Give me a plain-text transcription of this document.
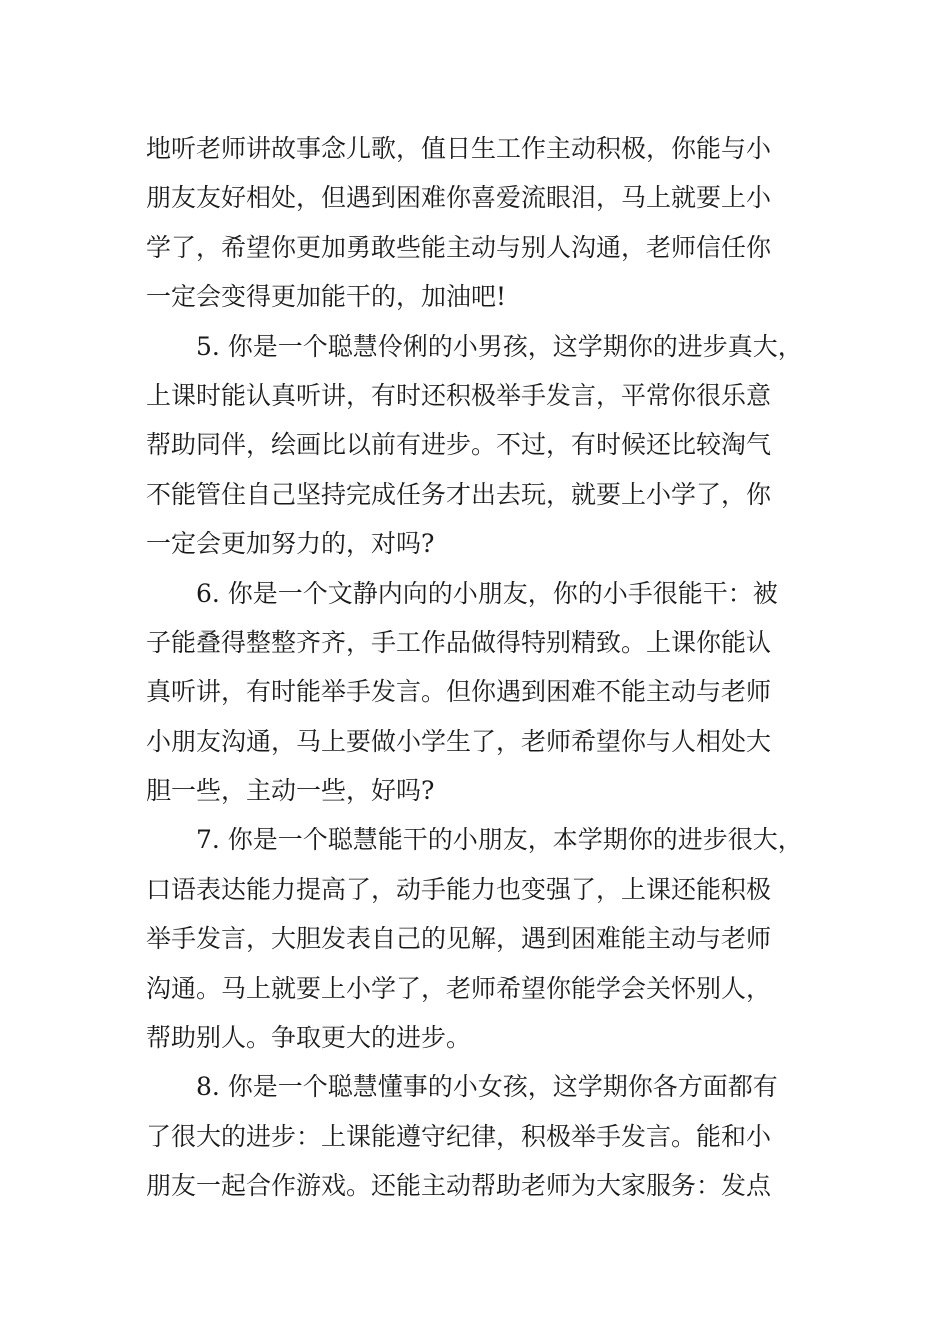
地听老师讲故事念儿歌，值日生工作主动积极，你能与小
朋友友好相处，但遇到困难你喜爱流眼泪，马上就要上小
学了，希望你更加勇敢些能主动与别人沟通，老师信任你
一定会变得更加能干的，加油吧!
5. 你是一个聪慧伶俐的小男孩，这学期你的进步真大，
上课时能认真听讲，有时还积极举手发言，平常你很乐意
帮助同伴，绘画比以前有进步。不过，有时候还比较淘气
不能管住自己坚持完成任务才出去玩，就要上小学了，你
一定会更加努力的，对吗?
6. 你是一个文静内向的小朋友，你的小手很能干：被
子能叠得整整齐齐，手工作品做得特别精致。上课你能认
真听讲，有时能举手发言。但你遇到困难不能主动与老师
小朋友沟通，马上要做小学生了，老师希望你与人相处大
胆一些，主动一些，好吗?
7. 你是一个聪慧能干的小朋友，本学期你的进步很大，
口语表达能力提高了，动手能力也变强了，上课还能积极
举手发言，大胆发表自己的见解，遇到困难能主动与老师
沟通。马上就要上小学了，老师希望你能学会关怀别人，
帮助别人。争取更大的进步。
8. 你是一个聪慧懂事的小女孩，这学期你各方面都有
了很大的进步：上课能遵守纪律，积极举手发言。能和小
朋友一起合作游戏。还能主动帮助老师为大家服务：发点
